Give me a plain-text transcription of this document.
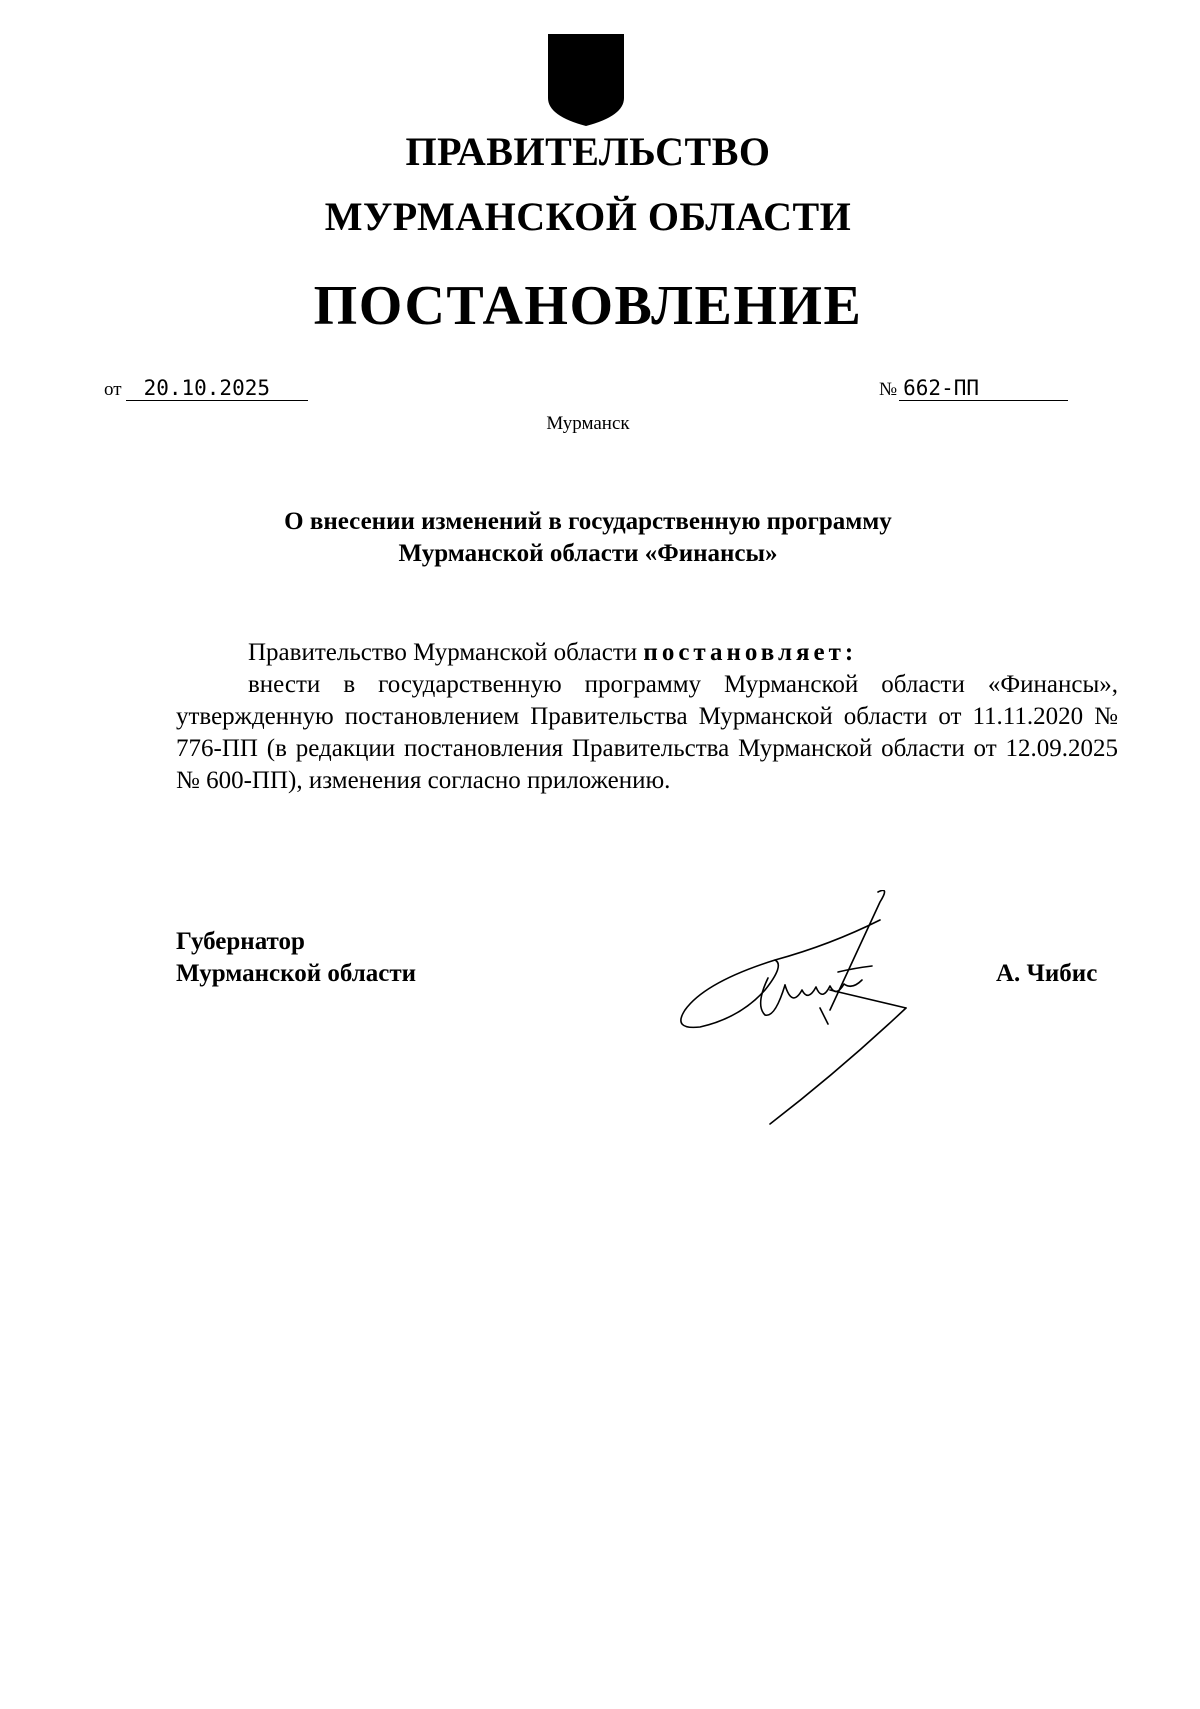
ПРАВИТЕЛЬСТВО
МУРМАНСКОЙ ОБЛАСТИ
ПОСТАНОВЛЕНИЕ
от 20.10.2025	№ 662-ПП
Мурманск
О внесении изменений в государственную программу
Мурманской области «Финансы»
Правительство Мурманской области постановляет:
внести в государственную программу Мурманской области «Финансы», утвержденную постановлением Правительства Мурманской области от 11.11.2020 № 776-ПП (в редакции постановления Правительства Мурманской области от 12.09.2025 № 600-ПП), изменения согласно приложению.
Губернатор
Мурманской области	А. Чибис
